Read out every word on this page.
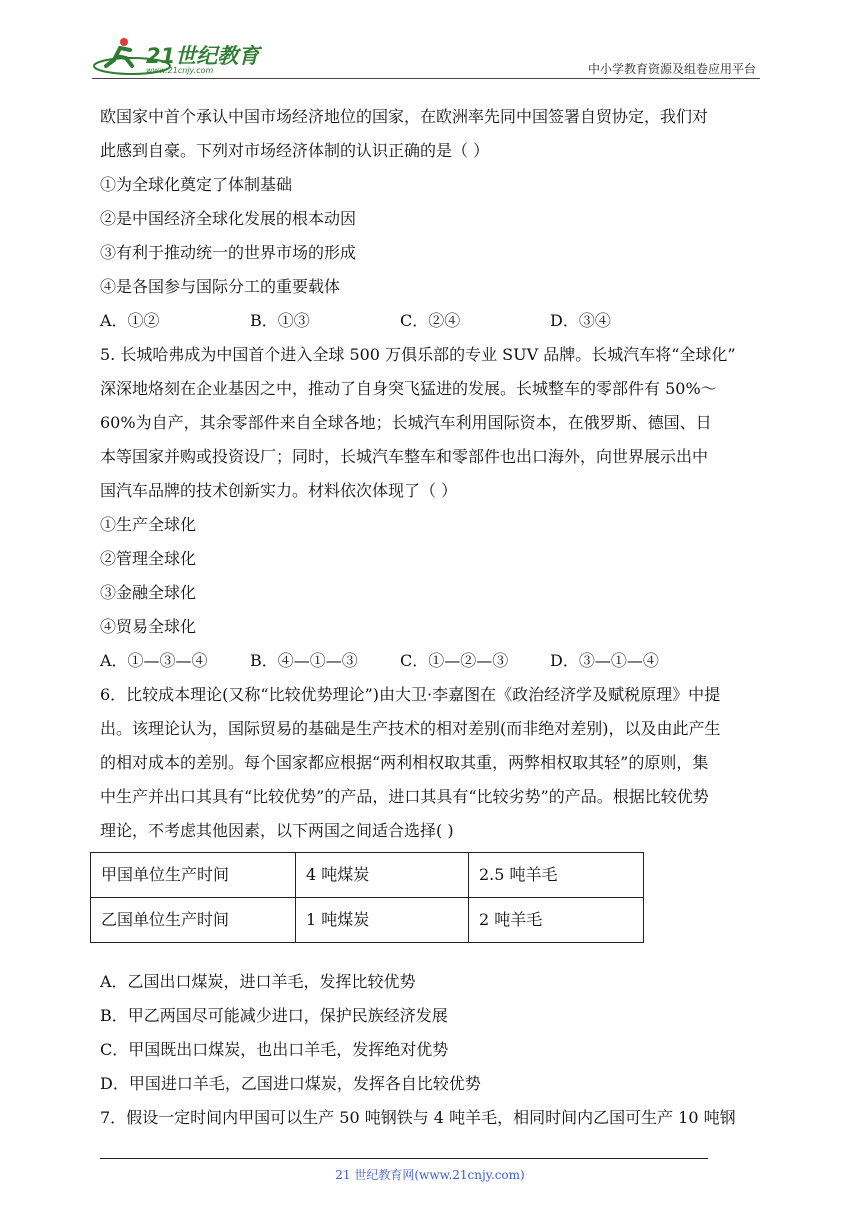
21世纪教育
www.21cnjy.com	中小学教育资源及组卷应用平台
欧国家中首个承认中国市场经济地位的国家，在欧洲率先同中国签署自贸协定，我们对
此感到自豪。下列对市场经济体制的认识正确的是（ ）
①为全球化奠定了体制基础
②是中国经济全球化发展的根本动因
③有利于推动统一的世界市场的形成
④是各国参与国际分工的重要载体
A．①②	B．①③	C．②④	D．③④
5. 长城哈弗成为中国首个进入全球 500 万俱乐部的专业 SUV 品牌。长城汽车将“全球化”
深深地烙刻在企业基因之中，推动了自身突飞猛进的发展。长城整车的零部件有 50%～
60%为自产，其余零部件来自全球各地；长城汽车利用国际资本，在俄罗斯、德国、日
本等国家并购或投资设厂；同时，长城汽车整车和零部件也出口海外，向世界展示出中
国汽车品牌的技术创新实力。材料依次体现了（ ）
①生产全球化
②管理全球化
③金融全球化
④贸易全球化
A．①—③—④	B．④—①—③	C．①—②—③	D．③—①—④
6．比较成本理论(又称“比较优势理论”)由大卫·李嘉图在《政治经济学及赋税原理》中提
出。该理论认为，国际贸易的基础是生产技术的相对差别(而非绝对差别)，以及由此产生
的相对成本的差别。每个国家都应根据“两利相权取其重，两弊相权取其轻”的原则，集
中生产并出口其具有“比较优势”的产品，进口其具有“比较劣势”的产品。根据比较优势
理论，不考虑其他因素，以下两国之间适合选择( )
甲国单位生产时间	4 吨煤炭	2.5 吨羊毛
乙国单位生产时间	1 吨煤炭	2 吨羊毛
A．乙国出口煤炭，进口羊毛，发挥比较优势
B．甲乙两国尽可能减少进口，保护民族经济发展
C．甲国既出口煤炭，也出口羊毛，发挥绝对优势
D．甲国进口羊毛，乙国进口煤炭，发挥各自比较优势
7．假设一定时间内甲国可以生产 50 吨钢铁与 4 吨羊毛，相同时间内乙国可生产 10 吨钢
21 世纪教育网(www.21cnjy.com)
